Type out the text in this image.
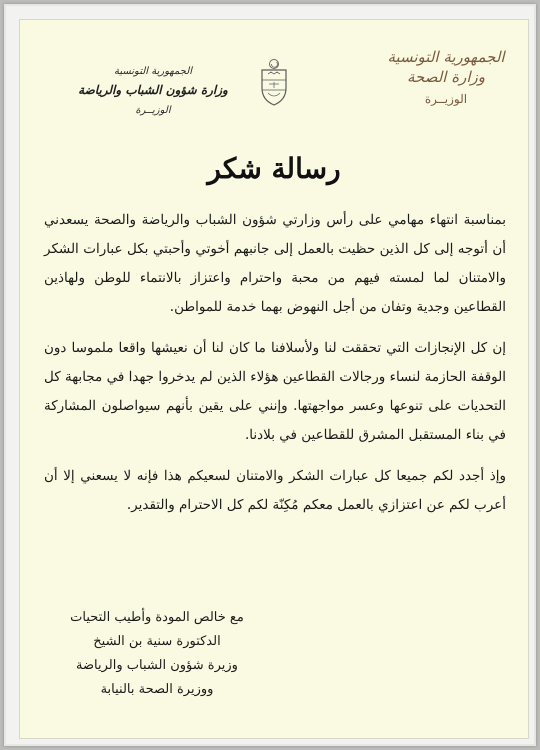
الجمهورية التونسية
وزارة شؤون الشباب والرياضة
الوزيــرة
الجمهورية التونسية
وزارة الصحة
الوزيــرة
رسالة شكر

بمناسبة انتهاء مهامي على رأس وزارتي شؤون الشباب والرياضة والصحة يسعدني أن أتوجه إلى كل الذين حظيت بالعمل إلى جانبهم أخوتي وأحبتي بكل عبارات الشكر والامتنان لما لمسته فيهم من محبة واحترام واعتزاز بالانتماء للوطن ولهاذين القطاعين وجدية وتفان من أجل النهوض بهما خدمة للمواطن.

إن كل الإنجازات التي تحققت لنا ولأسلافنا ما كان لنا أن نعيشها واقعا ملموسا دون الوقفة الحازمة لنساء ورجالات القطاعين هؤلاء الذين لم يدخروا جهدا في مجابهة كل التحديات على تنوعها وعسر مواجهتها. وإنني على يقين بأنهم سيواصلون المشاركة في بناء المستقبل المشرق للقطاعين في بلادنا.

وإذ أجدد لكم جميعا كل عبارات الشكر والامتنان لسعيكم هذا فإنه لا يسعني إلا أن أعرب لكم عن اعتزازي بالعمل معكم مُكِنّة لكم كل الاحترام والتقدير.

مع خالص المودة وأطيب التحيات
الدكتورة سنية بن الشيخ
وزيرة شؤون الشباب والرياضة
ووزيرة الصحة بالنيابة
